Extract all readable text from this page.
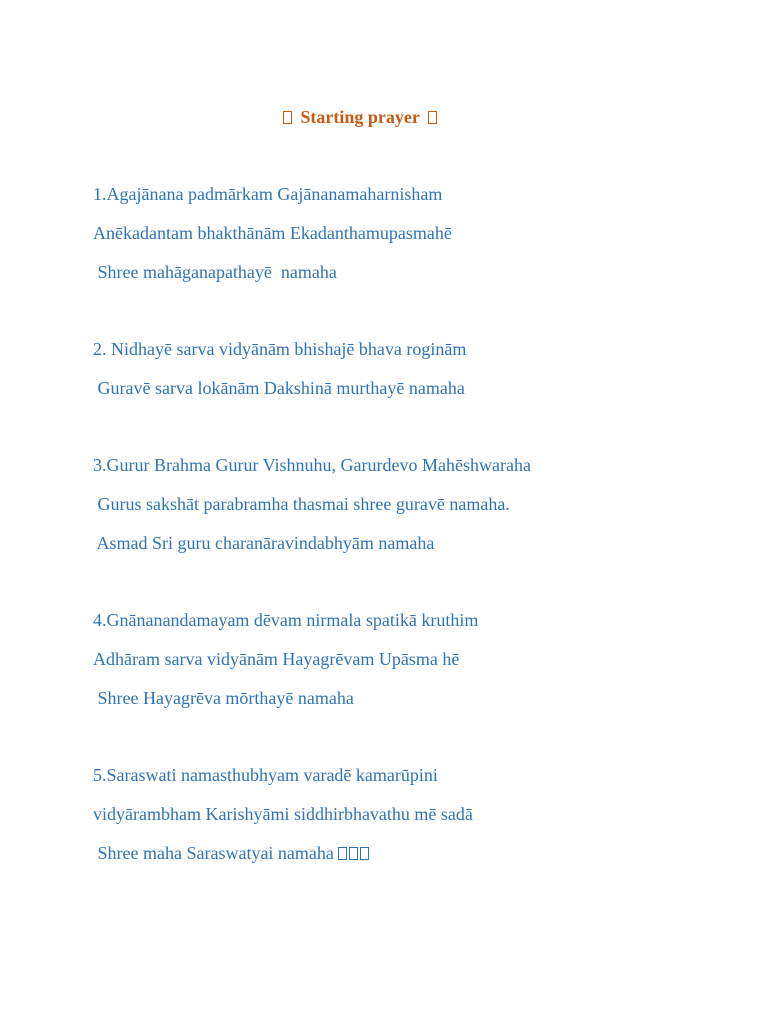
Starting prayer
1.Agajānana padmārkam Gajānanamaharnisham
Anēkadantam bhakthānām Ekadanthamupasmahē
Shree mahāganapathayē  namaha
2. Nidhayē sarva vidyānām bhishajē bhava roginām
Guravē sarva lokānām Dakshinā murthayē namaha
3.Gurur Brahma Gurur Vishnuhu, Garurdevo Mahēshwaraha
Gurus sakshāt parabramha thasmai shree guravē namaha.
Asmad Sri guru charanāravindabhyām namaha
4.Gnānanandamayam dēvam nirmala spatikā kruthim
Adhāram sarva vidyānām Hayagrēvam Upāsma hē
Shree Hayagrēva mōrthayē namaha
5.Saraswati namasthubhyam varadē kamarūpini
vidyārambham Karishyāmi siddhirbhavathu mē sadā
Shree maha Saraswatyai namaha
